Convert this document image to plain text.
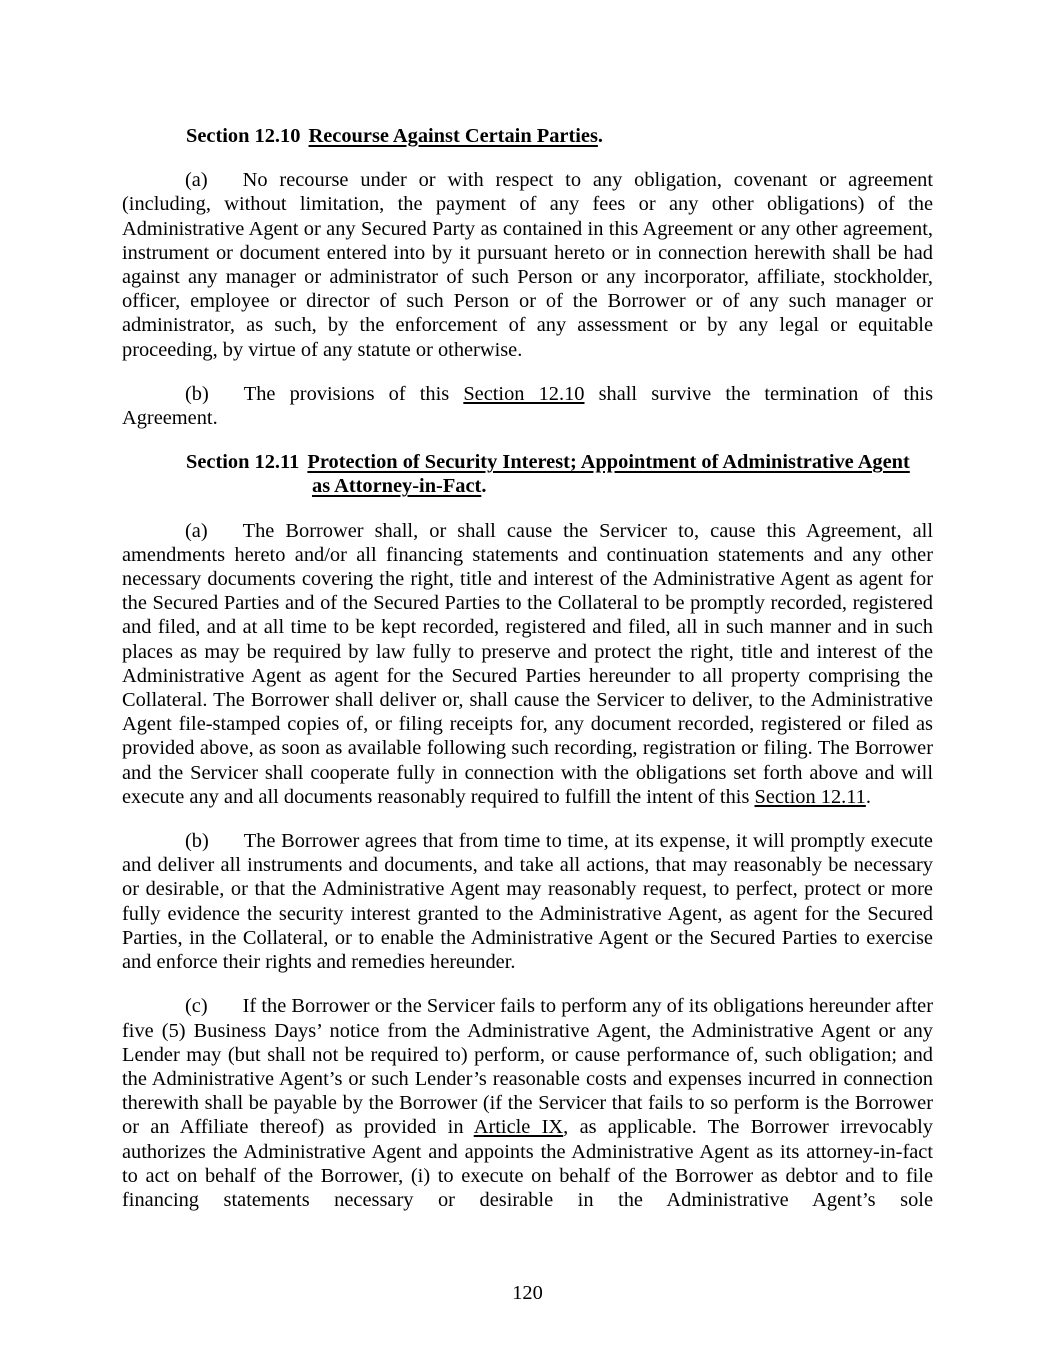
Section 12.10 Recourse Against Certain Parties.

(a) No recourse under or with respect to any obligation, covenant or agreement (including, without limitation, the payment of any fees or any other obligations) of the Administrative Agent or any Secured Party as contained in this Agreement or any other agreement, instrument or document entered into by it pursuant hereto or in connection herewith shall be had against any manager or administrator of such Person or any incorporator, affiliate, stockholder, officer, employee or director of such Person or of the Borrower or of any such manager or administrator, as such, by the enforcement of any assessment or by any legal or equitable proceeding, by virtue of any statute or otherwise.

(b) The provisions of this Section 12.10 shall survive the termination of this Agreement.

Section 12.11 Protection of Security Interest; Appointment of Administrative Agent
as Attorney-in-Fact.

(a) The Borrower shall, or shall cause the Servicer to, cause this Agreement, all amendments hereto and/or all financing statements and continuation statements and any other necessary documents covering the right, title and interest of the Administrative Agent as agent for the Secured Parties and of the Secured Parties to the Collateral to be promptly recorded, registered and filed, and at all time to be kept recorded, registered and filed, all in such manner and in such places as may be required by law fully to preserve and protect the right, title and interest of the Administrative Agent as agent for the Secured Parties hereunder to all property comprising the Collateral. The Borrower shall deliver or, shall cause the Servicer to deliver, to the Administrative Agent file-stamped copies of, or filing receipts for, any document recorded, registered or filed as provided above, as soon as available following such recording, registration or filing. The Borrower and the Servicer shall cooperate fully in connection with the obligations set forth above and will execute any and all documents reasonably required to fulfill the intent of this Section 12.11.

(b) The Borrower agrees that from time to time, at its expense, it will promptly execute and deliver all instruments and documents, and take all actions, that may reasonably be necessary or desirable, or that the Administrative Agent may reasonably request, to perfect, protect or more fully evidence the security interest granted to the Administrative Agent, as agent for the Secured Parties, in the Collateral, or to enable the Administrative Agent or the Secured Parties to exercise and enforce their rights and remedies hereunder.

(c) If the Borrower or the Servicer fails to perform any of its obligations hereunder after five (5) Business Days’ notice from the Administrative Agent, the Administrative Agent or any Lender may (but shall not be required to) perform, or cause performance of, such obligation; and the Administrative Agent’s or such Lender’s reasonable costs and expenses incurred in connection therewith shall be payable by the Borrower (if the Servicer that fails to so perform is the Borrower or an Affiliate thereof) as provided in Article IX, as applicable. The Borrower irrevocably authorizes the Administrative Agent and appoints the Administrative Agent as its attorney-in-fact to act on behalf of the Borrower, (i) to execute on behalf of the Borrower as debtor and to file financing statements necessary or desirable in the Administrative Agent’s sole

120
